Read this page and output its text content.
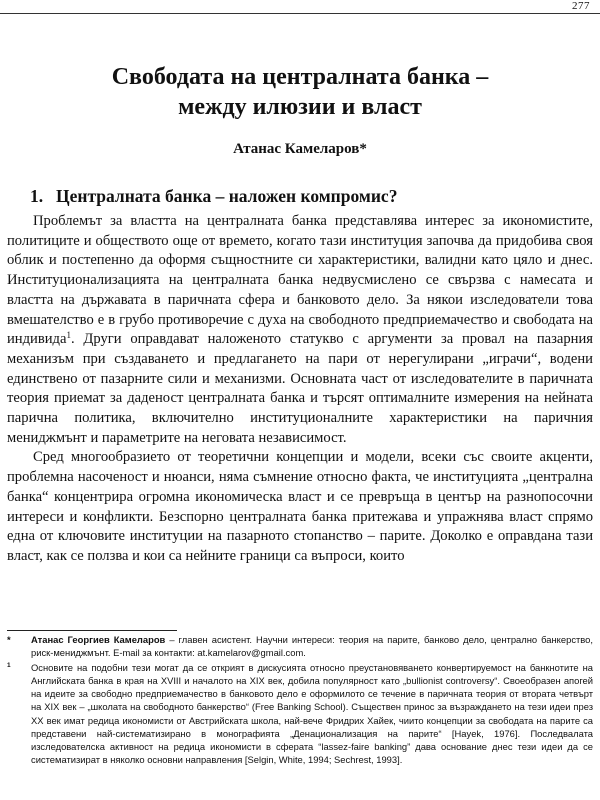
277
Свободата на централната банка –
между илюзии и власт
Атанас Камеларов*
1. Централната банка – наложен компромис?

Проблемът за властта на централната банка представлява интерес за икономистите, политиците и обществото още от времето, когато тази институция започва да придобива своя облик и постепенно да оформя същностните си характеристики, валидни като цяло и днес. Институционализацията на централната банка недвусмислено се свързва с намесата и властта на държавата в паричната сфера и банковото дело. За някои изследователи това вмешателство е в грубо противоречие с духа на свободното предприемачество и свободата на индивида$^1$. Други оправдават наложеното статукво с аргументи за провал на пазарния механизъм при създаването и предлагането на пари от нерегулирани „играчи“, водени единствено от пазарните сили и механизми. Основната част от изследователите в паричната теория приемат за даденост централната банка и търсят оптималните измерения на нейната парична политика, включително институционалните характеристики на паричния мениджмънт и параметрите на неговата независимост.

Сред многообразието от теоретични концепции и модели, всеки със своите акценти, проблемна насоченост и нюанси, няма съмнение относно факта, че институцията „централна банка“ концентрира огромна икономическа власт и се превръща в център на разнопосочни интереси и конфликти. Безспорно централната банка притежава и упражнява власт спрямо една от ключовите институции на пазарното стопанство – парите. Доколко е оправдана тази власт, как се ползва и кои са нейните граници са въпроси, които

* Атанас Георгиев Камеларов – главен асистент. Научни интереси: теория на парите, банково дело, централно банкерство, риск-мениджмънт. E-mail за контакти: at.kamelarov@gmail.com.

$^1$ Основите на подобни тези могат да се открият в дискусията относно преустановяването конвертируемост на банкнотите на Английската банка в края на XVIII и началото на XIX век, добила популярност като „bullionist controversy“. Своеобразен апогей на идеите за свободно предприемачество в банковото дело е оформилото се течение в паричната теория от втората четвърт на XIX век – „школата на свободното банкерство“ (Free Banking School). Съществен принос за възраждането на тези идеи през XX век имат редица икономисти от Австрийската школа, най-вече Фридрих Хайек, чиито концепции за свободата на парите са представени най-систематизирано в монографията „Денационализация на парите“ [Hayek, 1976]. Последвалата изследователска активност на редица икономисти в сферата “lassez-faire banking” дава основание днес тези идеи да се систематизират в няколко основни направления [Selgin, White, 1994; Sechrest, 1993].
